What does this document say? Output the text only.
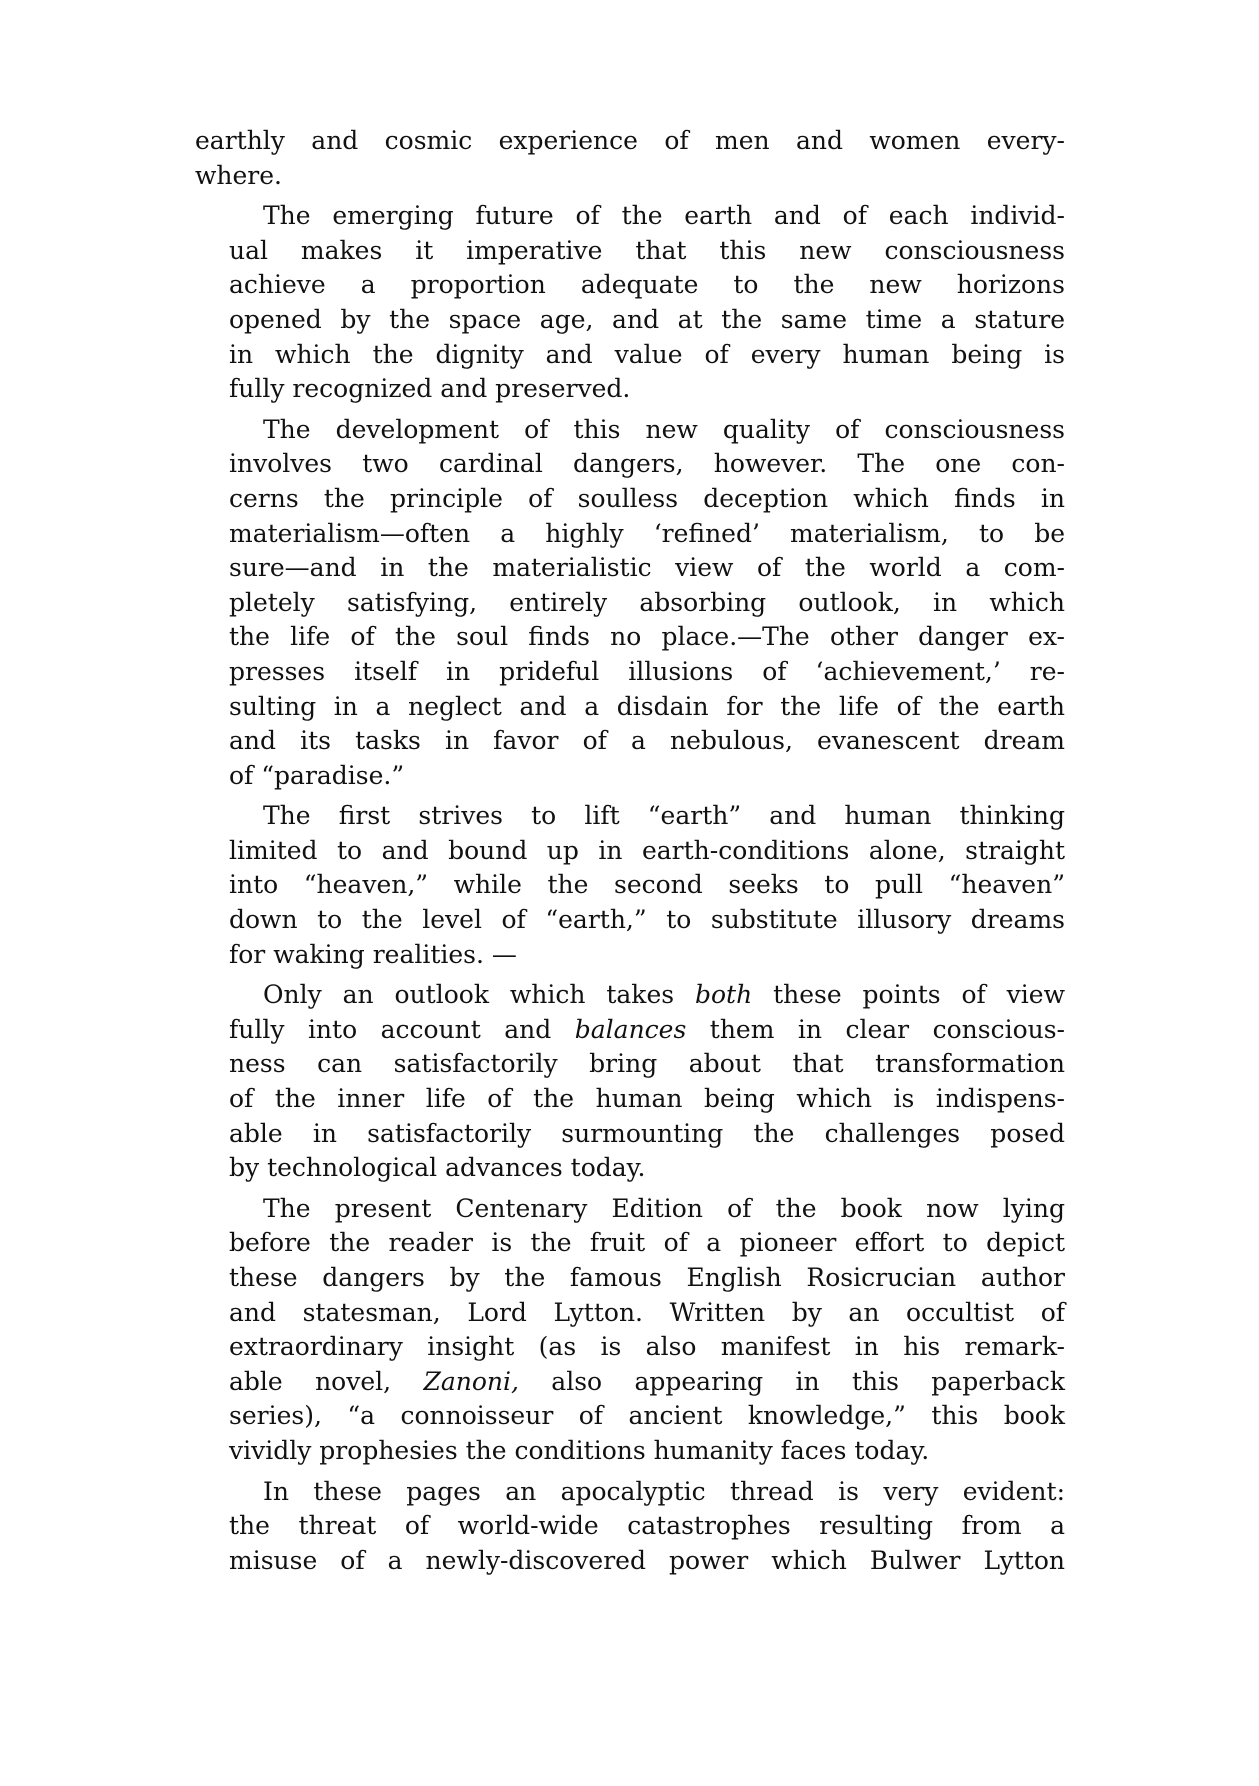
earthly and cosmic experience of men and women every-
where.

The emerging future of the earth and of each individ-
ual makes it imperative that this new consciousness
achieve a proportion adequate to the new horizons
opened by the space age, and at the same time a stature
in which the dignity and value of every human being is
fully recognized and preserved.

The development of this new quality of consciousness
involves two cardinal dangers, however. The one con-
cerns the principle of soulless deception which finds in
materialism—often a highly ‘refined’ materialism, to be
sure—and in the materialistic view of the world a com-
pletely satisfying, entirely absorbing outlook, in which
the life of the soul finds no place.—The other danger ex-
presses itself in prideful illusions of ‘achievement,’ re-
sulting in a neglect and a disdain for the life of the earth
and its tasks in favor of a nebulous, evanescent dream
of “paradise.”

The first strives to lift “earth” and human thinking
limited to and bound up in earth-conditions alone, straight
into “heaven,” while the second seeks to pull “heaven”
down to the level of “earth,” to substitute illusory dreams
for waking realities. —

Only an outlook which takes both these points of view
fully into account and balances them in clear conscious-
ness can satisfactorily bring about that transformation
of the inner life of the human being which is indispens-
able in satisfactorily surmounting the challenges posed
by technological advances today.

The present Centenary Edition of the book now lying
before the reader is the fruit of a pioneer effort to depict
these dangers by the famous English Rosicrucian author
and statesman, Lord Lytton. Written by an occultist of
extraordinary insight (as is also manifest in his remark-
able novel, Zanoni, also appearing in this paperback
series), “a connoisseur of ancient knowledge,” this book
vividly prophesies the conditions humanity faces today.

In these pages an apocalyptic thread is very evident:
the threat of world-wide catastrophes resulting from a
misuse of a newly-discovered power which Bulwer Lytton
